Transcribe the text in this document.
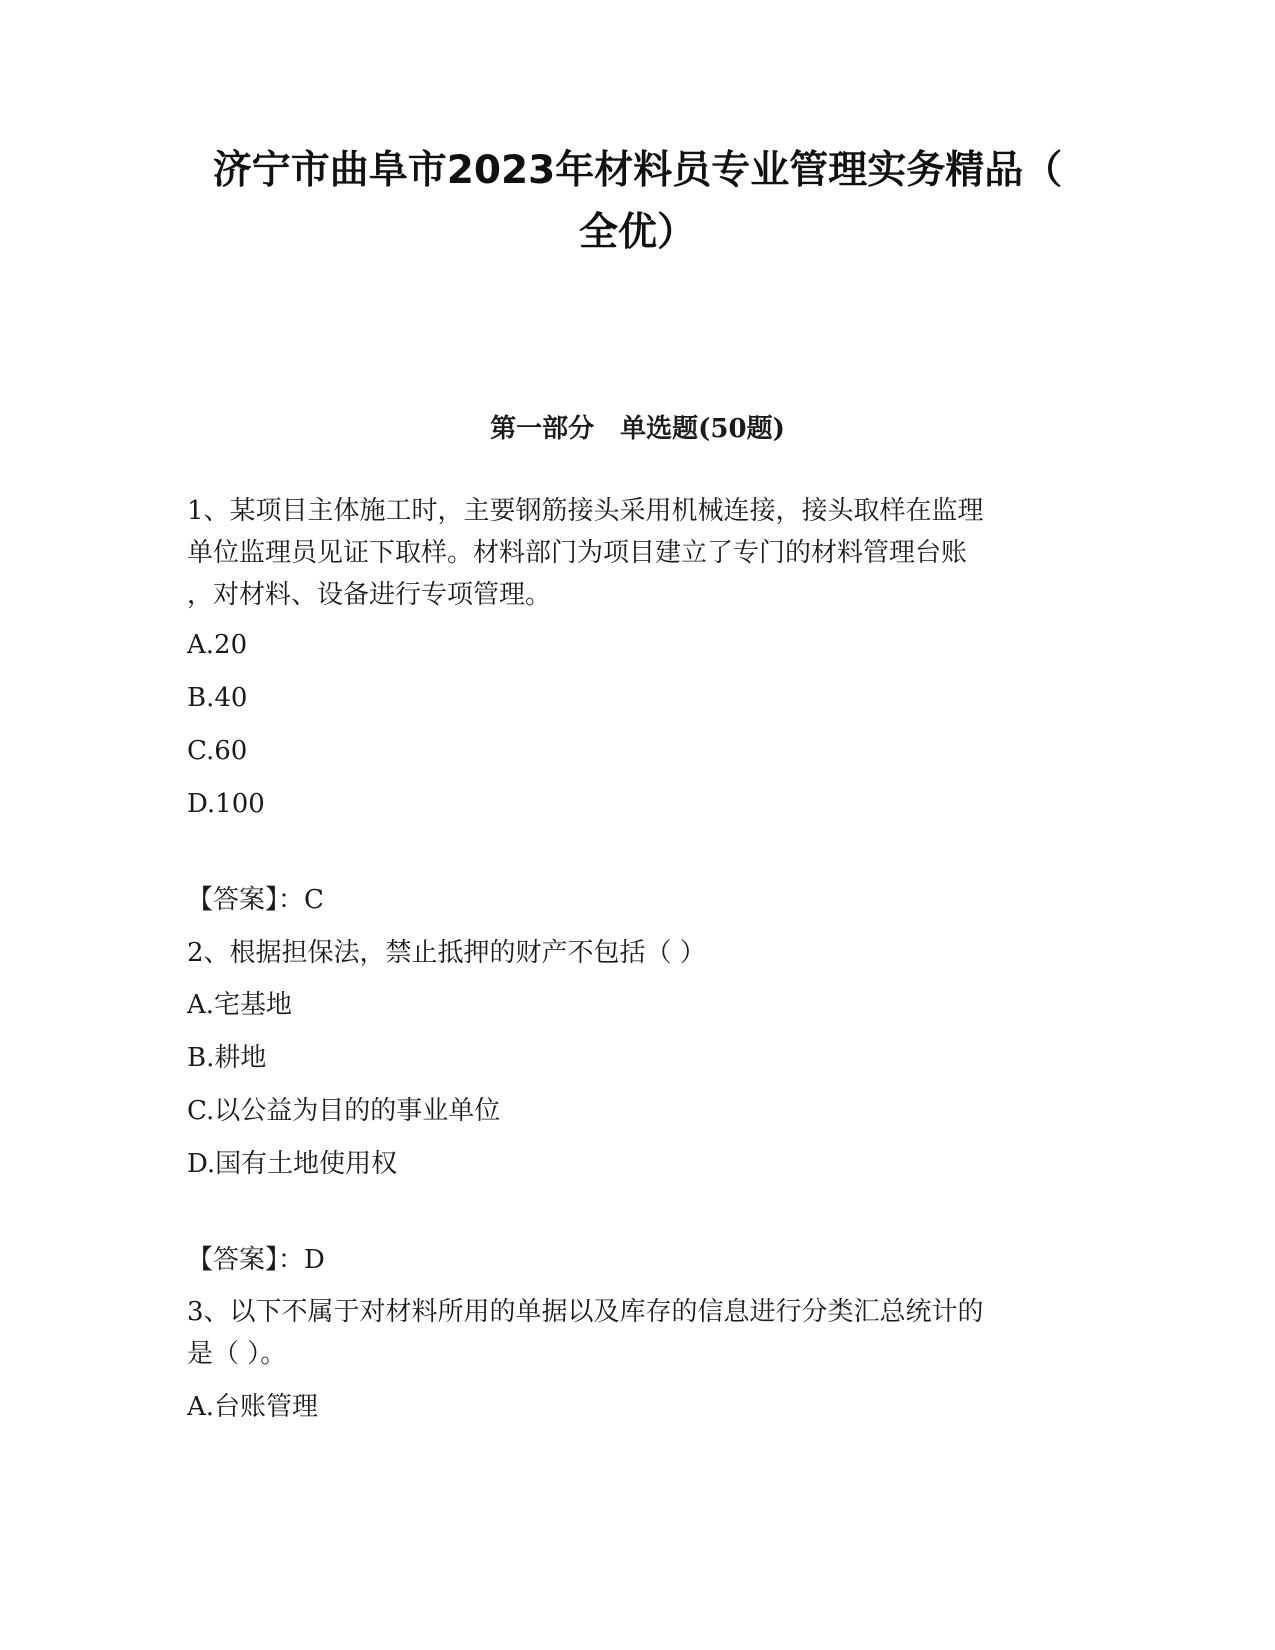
济宁市曲阜市2023年材料员专业管理实务精品（
全优）
第一部分　单选题(50题)
1、某项目主体施工时，主要钢筋接头采用机械连接，接头取样在监理
单位监理员见证下取样。材料部门为项目建立了专门的材料管理台账
，对材料、设备进行专项管理。
A.20
B.40
C.60
D.100
【答案】：C
2、根据担保法，禁止抵押的财产不包括（ ）
A.宅基地
B.耕地
C.以公益为目的的事业单位
D.国有土地使用权
【答案】：D
3、以下不属于对材料所用的单据以及库存的信息进行分类汇总统计的
是（ ）。
A.台账管理
